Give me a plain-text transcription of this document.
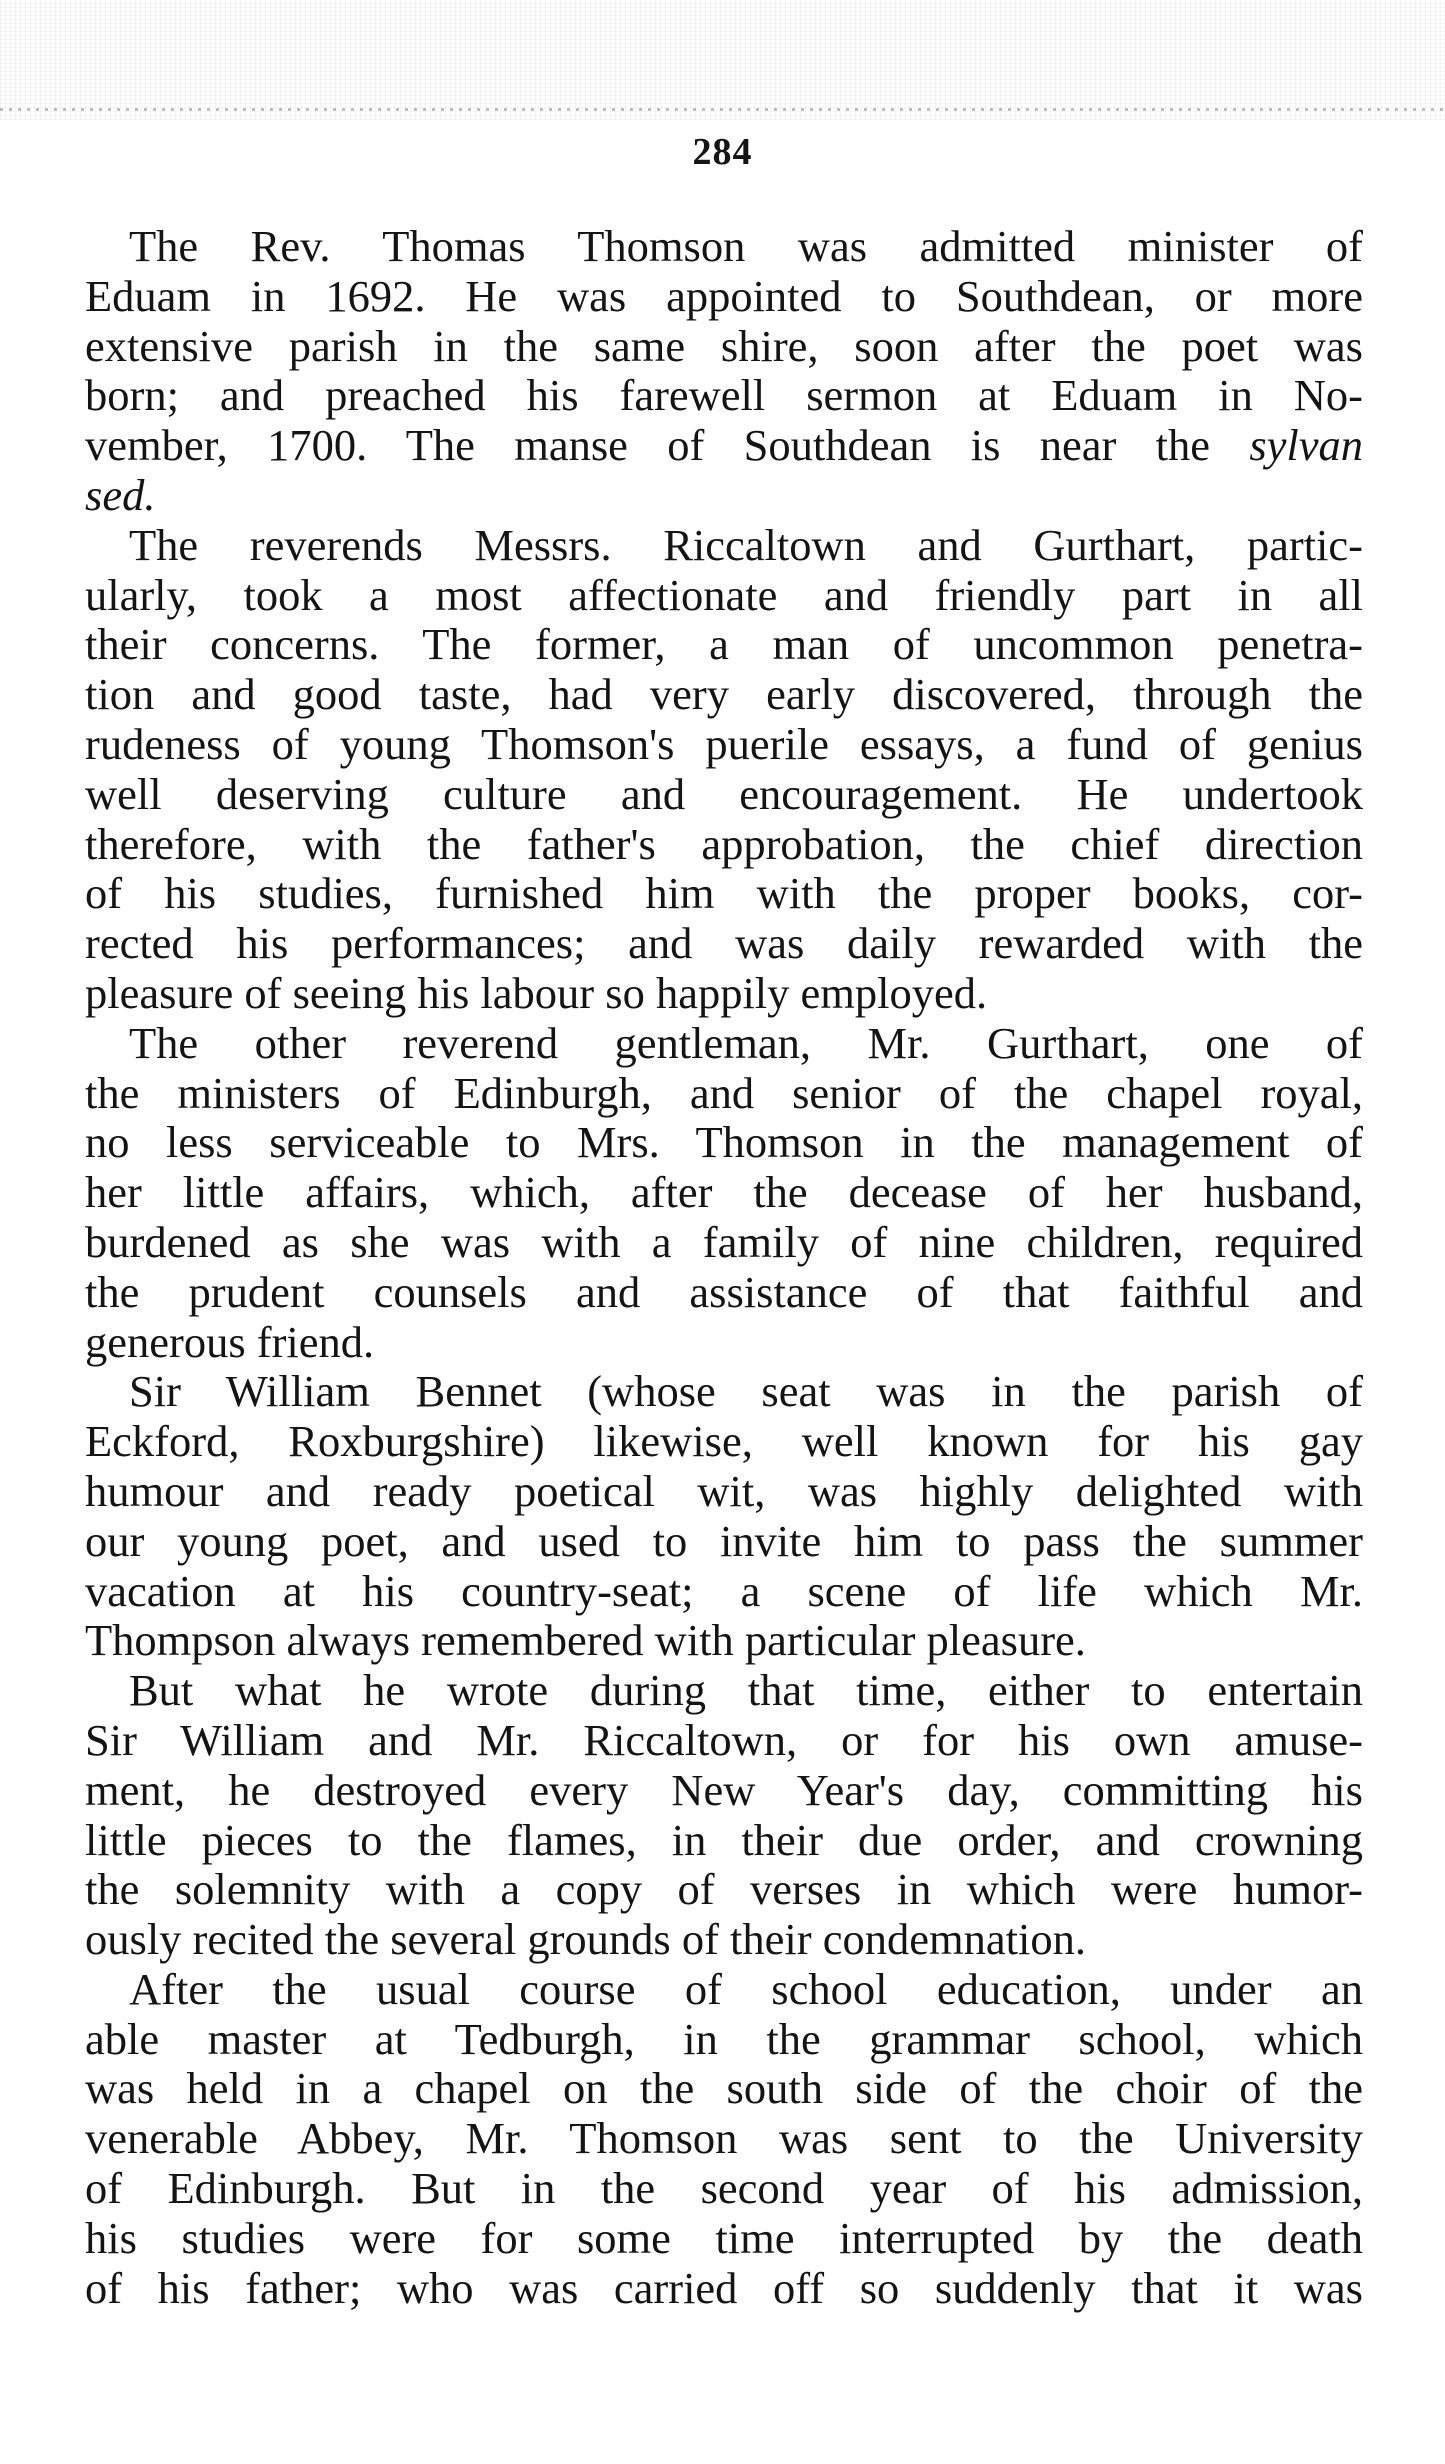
284
The Rev. Thomas Thomson was admitted minister of
Eduam in 1692. He was appointed to Southdean, or more
extensive parish in the same shire, soon after the poet was
born; and preached his farewell sermon at Eduam in No-
vember, 1700. The manse of Southdean is near the sylvan
sed.
The reverends Messrs. Riccaltown and Gurthart, partic-
ularly, took a most affectionate and friendly part in all
their concerns. The former, a man of uncommon penetra-
tion and good taste, had very early discovered, through the
rudeness of young Thomson's puerile essays, a fund of genius
well deserving culture and encouragement. He undertook
therefore, with the father's approbation, the chief direction
of his studies, furnished him with the proper books, cor-
rected his performances; and was daily rewarded with the
pleasure of seeing his labour so happily employed.
The other reverend gentleman, Mr. Gurthart, one of
the ministers of Edinburgh, and senior of the chapel royal,
no less serviceable to Mrs. Thomson in the management of
her little affairs, which, after the decease of her husband,
burdened as she was with a family of nine children, required
the prudent counsels and assistance of that faithful and
generous friend.
Sir William Bennet (whose seat was in the parish of
Eckford, Roxburgshire) likewise, well known for his gay
humour and ready poetical wit, was highly delighted with
our young poet, and used to invite him to pass the summer
vacation at his country-seat; a scene of life which Mr.
Thompson always remembered with particular pleasure.
But what he wrote during that time, either to entertain
Sir William and Mr. Riccaltown, or for his own amuse-
ment, he destroyed every New Year's day, committing his
little pieces to the flames, in their due order, and crowning
the solemnity with a copy of verses in which were humor-
ously recited the several grounds of their condemnation.
After the usual course of school education, under an
able master at Tedburgh, in the grammar school, which
was held in a chapel on the south side of the choir of the
venerable Abbey, Mr. Thomson was sent to the University
of Edinburgh. But in the second year of his admission,
his studies were for some time interrupted by the death
of his father; who was carried off so suddenly that it was
